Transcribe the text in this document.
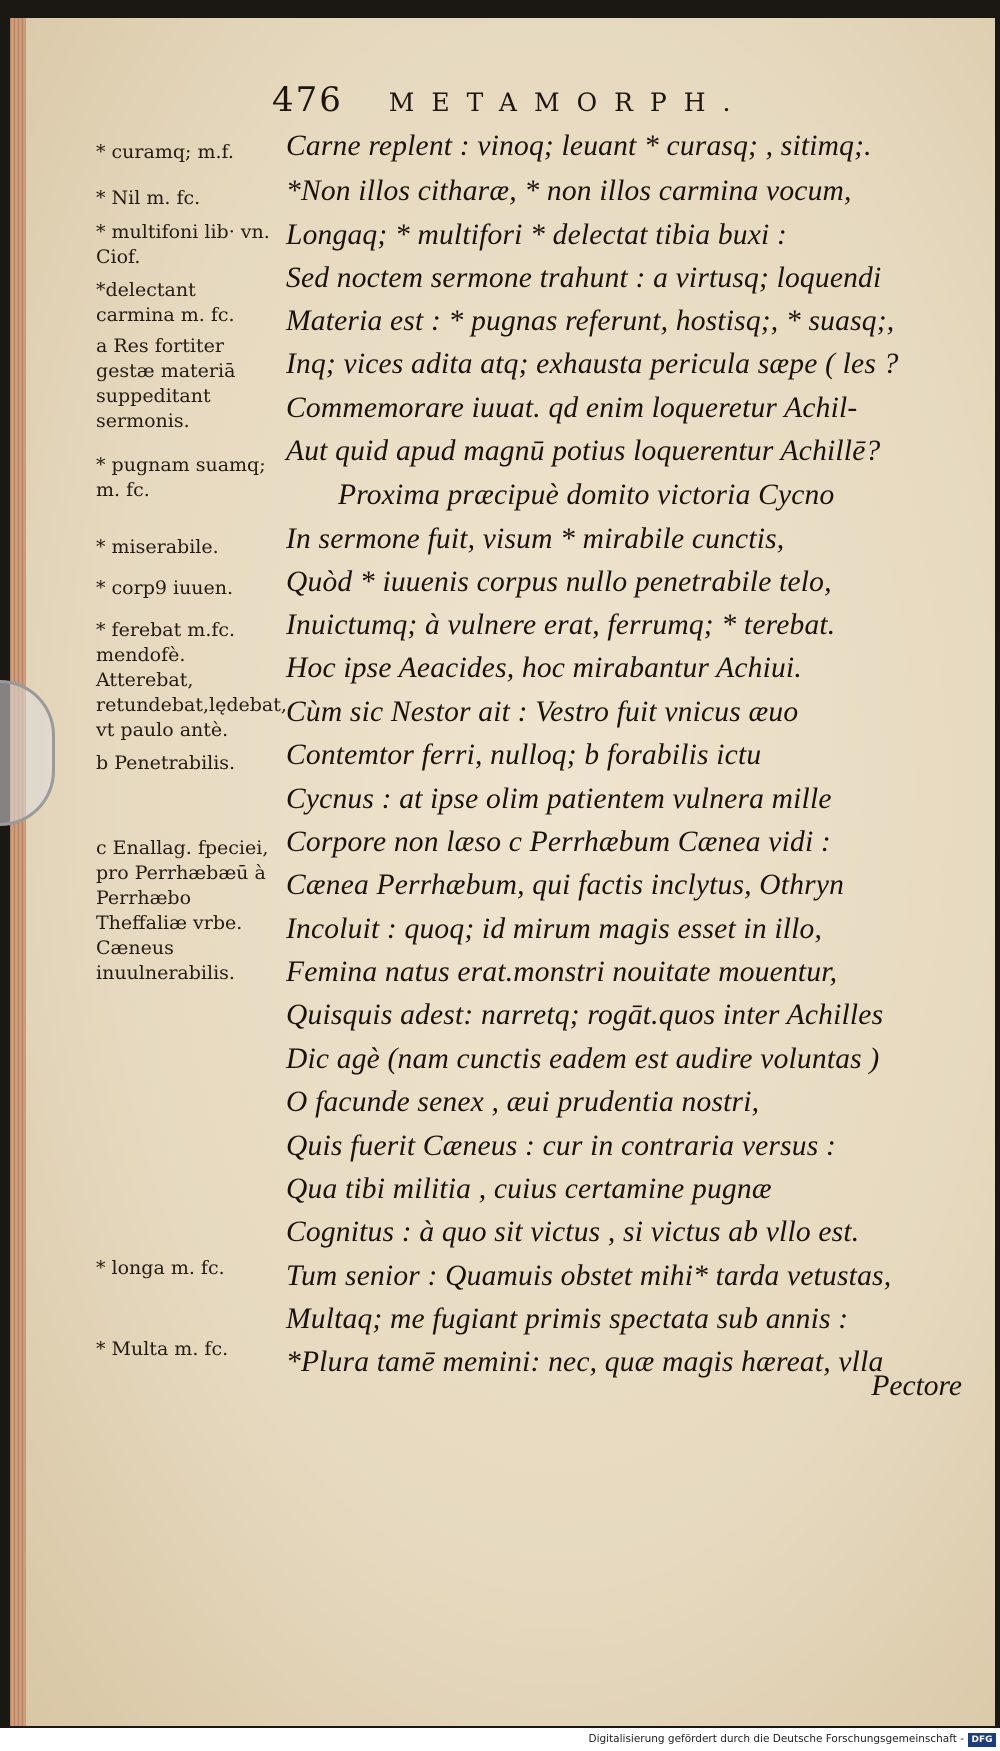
476 METAMORPH.
* curamq; m.f.
* Nil m. fc.
* multifoni lib· vn. Ciof.
*delectant carmina m. fc.
a Res fortiter gestæ materiā suppeditant sermonis.
* pugnam suamq; m. fc.
* miserabile.
* corp9 iuuen.
* ferebat m.fc. mendofè. Atterebat, retundebat,lędebat, vt paulo antè.
b Penetrabilis.
c Enallag. fpeciei, pro Perrhæbæū à Perrhæbo Theffaliæ vrbe. Cæneus inuulnerabilis.
* longa m. fc.
* Multa m. fc.
Carne replent : vinoq; leuant * curasq; , sitimq;.
*Non illos citharæ, * non illos carmina vocum,
Longaq; * multifori * delectat tibia buxi :
Sed noctem sermone trahunt : a virtusq; loquendi
Materia est : * pugnas referunt, hostisq;, * suasq;,
Inq; vices adita atq; exhausta pericula sæpe ( les ?
Commemorare iuuat. qd enim loqueretur Achil-
Aut quid apud magnū potius loquerentur Achillē?
Proxima præcipuè domito victoria Cycno
In sermone fuit, visum * mirabile cunctis,
Quòd * iuuenis corpus nullo penetrabile telo,
Inuictumq; à vulnere erat, ferrumq; * terebat.
Hoc ipse Aeacides, hoc mirabantur Achiui.
Cùm sic Nestor ait : Vestro fuit vnicus æuo
Contemtor ferri, nulloq; b forabilis ictu
Cycnus : at ipse olim patientem vulnera mille
Corpore non læso c Perrhæbum Cænea vidi :
Cænea Perrhæbum, qui factis inclytus, Othryn
Incoluit : quoq; id mirum magis esset in illo,
Femina natus erat.monstri nouitate mouentur,
Quisquis adest: narretq; rogāt.quos inter Achilles
Dic agè (nam cunctis eadem est audire voluntas )
O facunde senex , æui prudentia nostri,
Quis fuerit Cæneus : cur in contraria versus :
Qua tibi militia , cuius certamine pugnæ
Cognitus : à quo sit victus , si victus ab vllo est.
Tum senior : Quamuis obstet mihi* tarda vetustas,
Multaq; me fugiant primis spectata sub annis :
*Plura tamē memini: nec, quæ magis hæreat, vlla
Pectore
Digitalisierung gefördert durch die Deutsche Forschungsgemeinschaft - DFG
